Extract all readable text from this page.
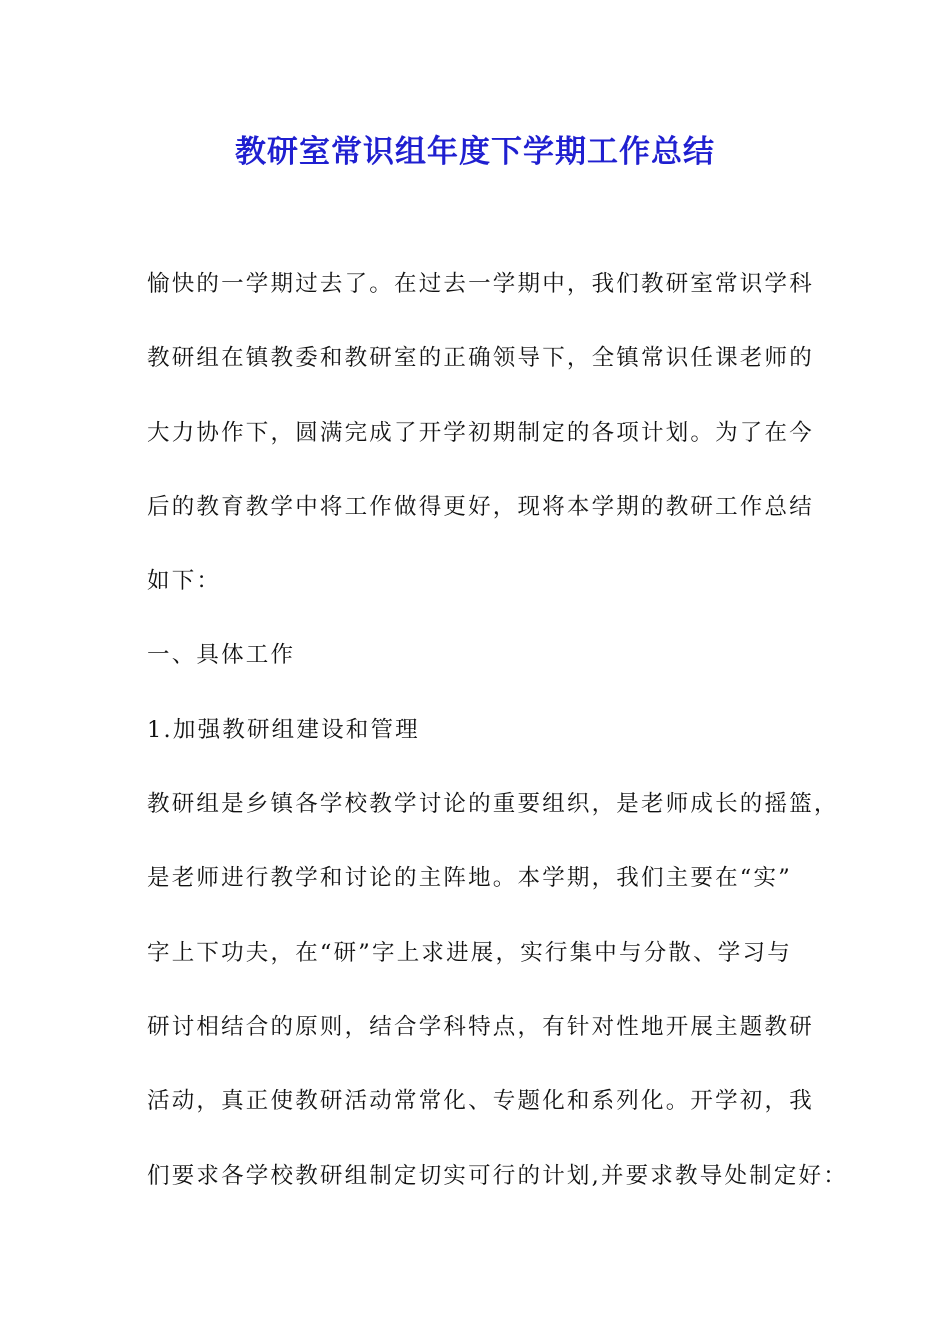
教研室常识组年度下学期工作总结
愉快的一学期过去了。在过去一学期中，我们教研室常识学科
教研组在镇教委和教研室的正确领导下，全镇常识任课老师的
大力协作下，圆满完成了开学初期制定的各项计划。为了在今
后的教育教学中将工作做得更好，现将本学期的教研工作总结
如下：
一、具体工作
1.加强教研组建设和管理
教研组是乡镇各学校教学讨论的重要组织，是老师成长的摇篮，
是老师进行教学和讨论的主阵地。本学期，我们主要在“实”
字上下功夫，在“研”字上求进展，实行集中与分散、学习与
研讨相结合的原则，结合学科特点，有针对性地开展主题教研
活动，真正使教研活动常常化、专题化和系列化。开学初，我
们要求各学校教研组制定切实可行的计划,并要求教导处制定好：
